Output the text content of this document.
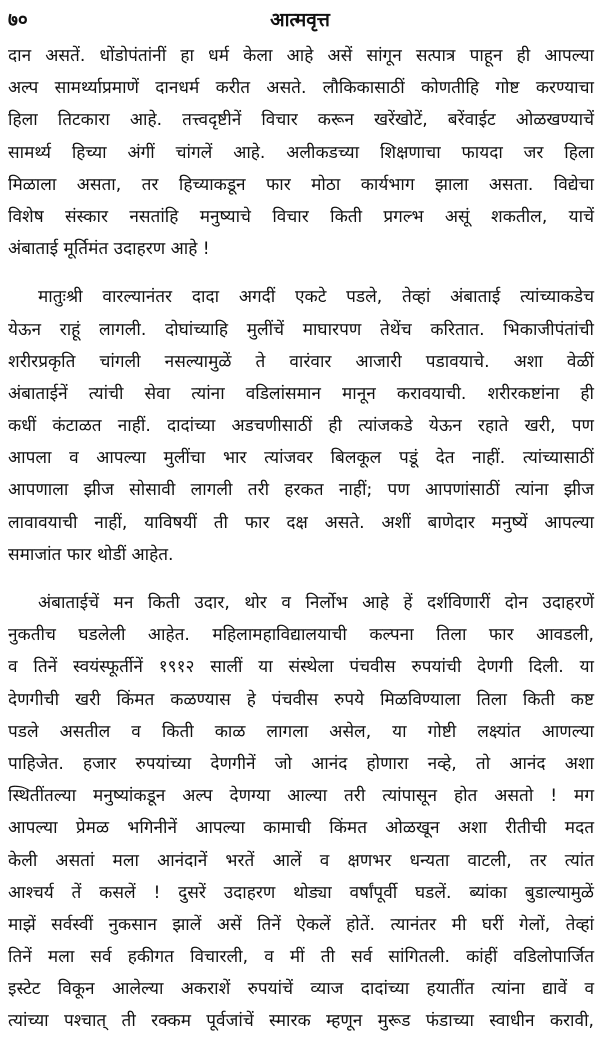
७०	आत्मवृत्त
दान असतें. धोंडोपंतांनीं हा धर्म केला आहे असें सांगून सत्पात्र पाहून ही आपल्या
अल्प सामर्थ्याप्रमाणें दानधर्म करीत असते. लौकिकासाठीं कोणतीहि गोष्ट करण्याचा
हिला तिटकारा आहे. तत्त्वदृष्टीनें विचार करून खरेंखोटें, बरेंवाईट ओळखण्याचें
सामर्थ्य हिच्या अंगीं चांगलें आहे. अलीकडच्या शिक्षणाचा फायदा जर हिला
मिळाला असता, तर हिच्याकडून फार मोठा कार्यभाग झाला असता. विद्येचा
विशेष संस्कार नसतांहि मनुष्याचे विचार किती प्रगल्भ असूं शकतील, याचें
अंबाताई मूर्तिमंत उदाहरण आहे !
मातुःश्री वारल्यानंतर दादा अगदीं एकटे पडले, तेव्हां अंबाताई त्यांच्याकडेच
येऊन राहूं लागली. दोघांच्याहि मुलींचें माघारपण तेथेंच करितात. भिकाजीपंतांची
शरीरप्रकृति चांगली नसल्यामुळें ते वारंवार आजारी पडावयाचे. अशा वेळीं
अंबाताईनें त्यांची सेवा त्यांना वडिलांसमान मानून करावयाची. शरीरकष्टांना ही
कधीं कंटाळत नाहीं. दादांच्या अडचणीसाठीं ही त्यांजकडे येऊन रहाते खरी, पण
आपला व आपल्या मुलींचा भार त्यांजवर बिलकूल पडूं देत नाहीं. त्यांच्यासाठीं
आपणाला झीज सोसावी लागली तरी हरकत नाहीं; पण आपणांसाठीं त्यांना झीज
लावावयाची नाहीं, याविषयीं ती फार दक्ष असते. अशीं बाणेदार मनुष्यें आपल्या
समाजांत फार थोडीं आहेत.
अंबाताईचें मन किती उदार, थोर व निर्लोभ आहे हें दर्शविणारीं दोन उदाहरणें
नुकतीच घडलेली आहेत. महिलामहाविद्यालयाची कल्पना तिला फार आवडली,
व तिनें स्वयंस्फूर्तीनें १९१२ सालीं या संस्थेला पंचवीस रुपयांची देणगी दिली. या
देणगीची खरी किंमत कळण्यास हे पंचवीस रुपये मिळविण्याला तिला किती कष्ट
पडले असतील व किती काळ लागला असेल, या गोष्टी लक्ष्यांत आणल्या
पाहिजेत. हजार रुपयांच्या देणगीनें जो आनंद होणारा नव्हे, तो आनंद अशा
स्थितींतल्या मनुष्यांकडून अल्प देणग्या आल्या तरी त्यांपासून होत असतो ! मग
आपल्या प्रेमळ भगिनीनें आपल्या कामाची किंमत ओळखून अशा रीतीची मदत
केली असतां मला आनंदानें भरतें आलें व क्षणभर धन्यता वाटली, तर त्यांत
आश्चर्य तें कसलें ! दुसरें उदाहरण थोड्या वर्षांपूर्वी घडलें. ब्यांका बुडाल्यामुळें
माझें सर्वस्वीं नुकसान झालें असें तिनें ऐकलें होतें. त्यानंतर मी घरीं गेलों, तेव्हां
तिनें मला सर्व हकीगत विचारली, व मीं ती सर्व सांगितली. कांहीं वडिलोपार्जित
इस्टेट विकून आलेल्या अकराशें रुपयांचें व्याज दादांच्या हयातींत त्यांना द्यावें व
त्यांच्या पश्चात् ती रक्कम पूर्वजांचें स्मारक म्हणून मुरूड फंडाच्या स्वाधीन करावी,
